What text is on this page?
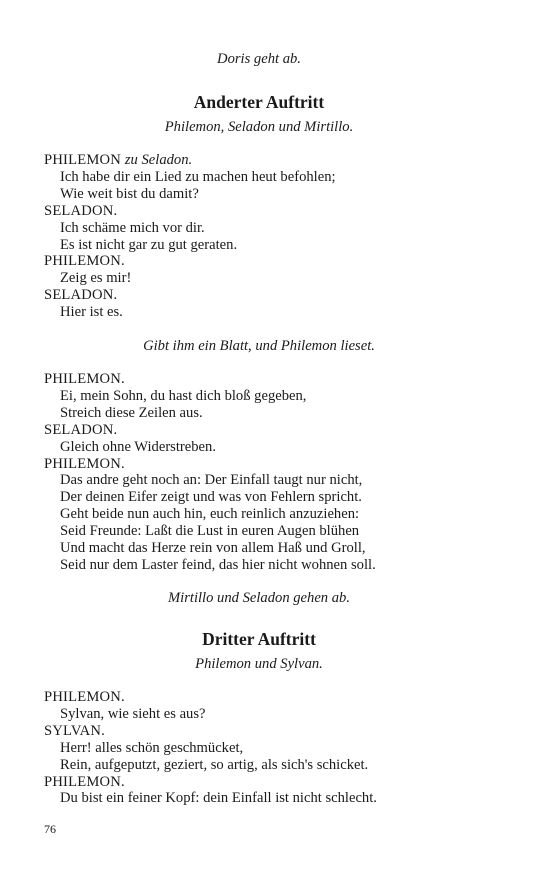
Doris geht ab.
Anderter Auftritt
Philemon, Seladon und Mirtillo.
PHILEMON zu Seladon.
Ich habe dir ein Lied zu machen heut befohlen;
Wie weit bist du damit?
SELADON.
Ich schäme mich vor dir.
Es ist nicht gar zu gut geraten.
PHILEMON.
Zeig es mir!
SELADON.
Hier ist es.
Gibt ihm ein Blatt, und Philemon lieset.
PHILEMON.
Ei, mein Sohn, du hast dich bloß gegeben,
Streich diese Zeilen aus.
SELADON.
Gleich ohne Widerstreben.
PHILEMON.
Das andre geht noch an: Der Einfall taugt nur nicht,
Der deinen Eifer zeigt und was von Fehlern spricht.
Geht beide nun auch hin, euch reinlich anzuziehen:
Seid Freunde: Laßt die Lust in euren Augen blühen
Und macht das Herze rein von allem Haß und Groll,
Seid nur dem Laster feind, das hier nicht wohnen soll.
Mirtillo und Seladon gehen ab.
Dritter Auftritt
Philemon und Sylvan.
PHILEMON.
Sylvan, wie sieht es aus?
SYLVAN.
Herr! alles schön geschmücket,
Rein, aufgeputzt, geziert, so artig, als sich's schicket.
PHILEMON.
Du bist ein feiner Kopf: dein Einfall ist nicht schlecht.
76
